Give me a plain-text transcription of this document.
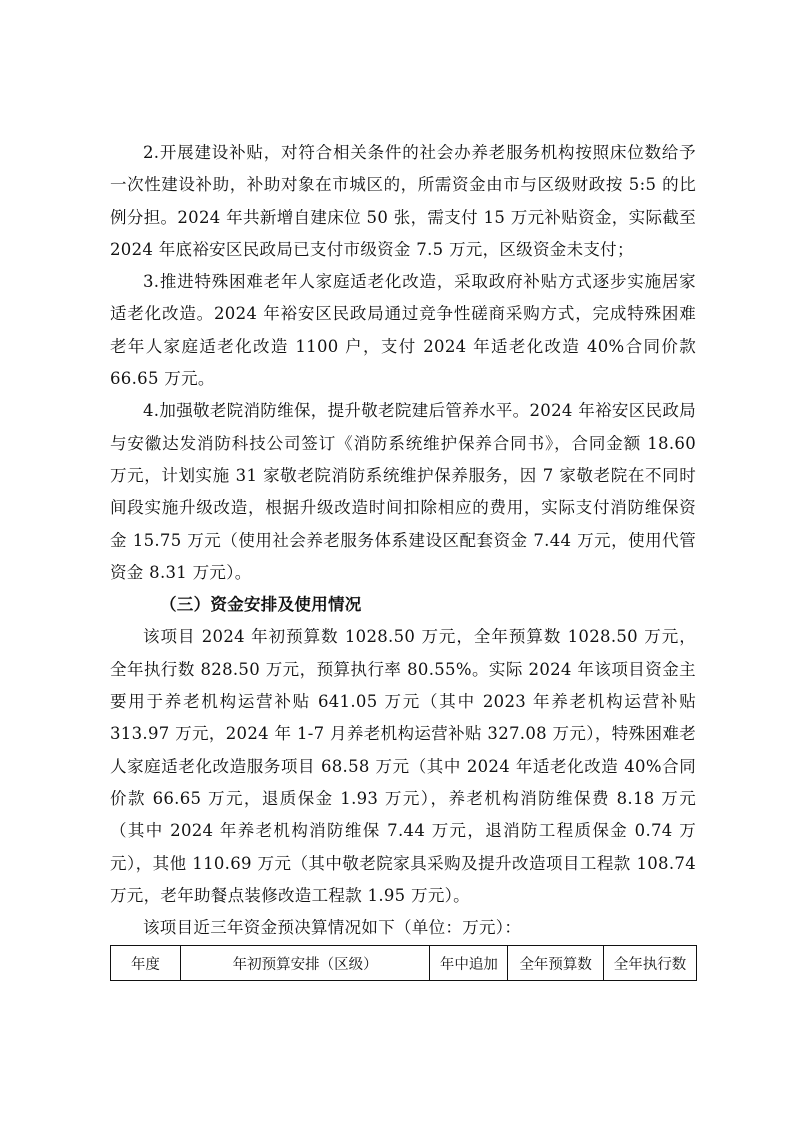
2.开展建设补贴，对符合相关条件的社会办养老服务机构按照床位数给予一次性建设补助，补助对象在市城区的，所需资金由市与区级财政按 5:5 的比例分担。2024 年共新增自建床位 50 张，需支付 15 万元补贴资金，实际截至 2024 年底裕安区民政局已支付市级资金 7.5 万元，区级资金未支付；

3.推进特殊困难老年人家庭适老化改造，采取政府补贴方式逐步实施居家适老化改造。2024 年裕安区民政局通过竞争性磋商采购方式，完成特殊困难老年人家庭适老化改造 1100 户，支付 2024 年适老化改造 40%合同价款 66.65 万元。

4.加强敬老院消防维保，提升敬老院建后管养水平。2024 年裕安区民政局与安徽达发消防科技公司签订《消防系统维护保养合同书》，合同金额 18.60 万元，计划实施 31 家敬老院消防系统维护保养服务，因 7 家敬老院在不同时间段实施升级改造，根据升级改造时间扣除相应的费用，实际支付消防维保资金 15.75 万元（使用社会养老服务体系建设区配套资金 7.44 万元，使用代管资金 8.31 万元）。

（三）资金安排及使用情况

该项目 2024 年初预算数 1028.50 万元，全年预算数 1028.50 万元，全年执行数 828.50 万元，预算执行率 80.55%。实际 2024 年该项目资金主要用于养老机构运营补贴 641.05 万元（其中 2023 年养老机构运营补贴 313.97 万元，2024 年 1-7 月养老机构运营补贴 327.08 万元），特殊困难老人家庭适老化改造服务项目 68.58 万元（其中 2024 年适老化改造 40%合同价款 66.65 万元，退质保金 1.93 万元），养老机构消防维保费 8.18 万元（其中 2024 年养老机构消防维保 7.44 万元，退消防工程质保金 0.74 万元），其他 110.69 万元（其中敬老院家具采购及提升改造项目工程款 108.74 万元，老年助餐点装修改造工程款 1.95 万元）。

该项目近三年资金预决算情况如下（单位：万元）：

年度	年初预算安排（区级）	年中追加	全年预算数	全年执行数
